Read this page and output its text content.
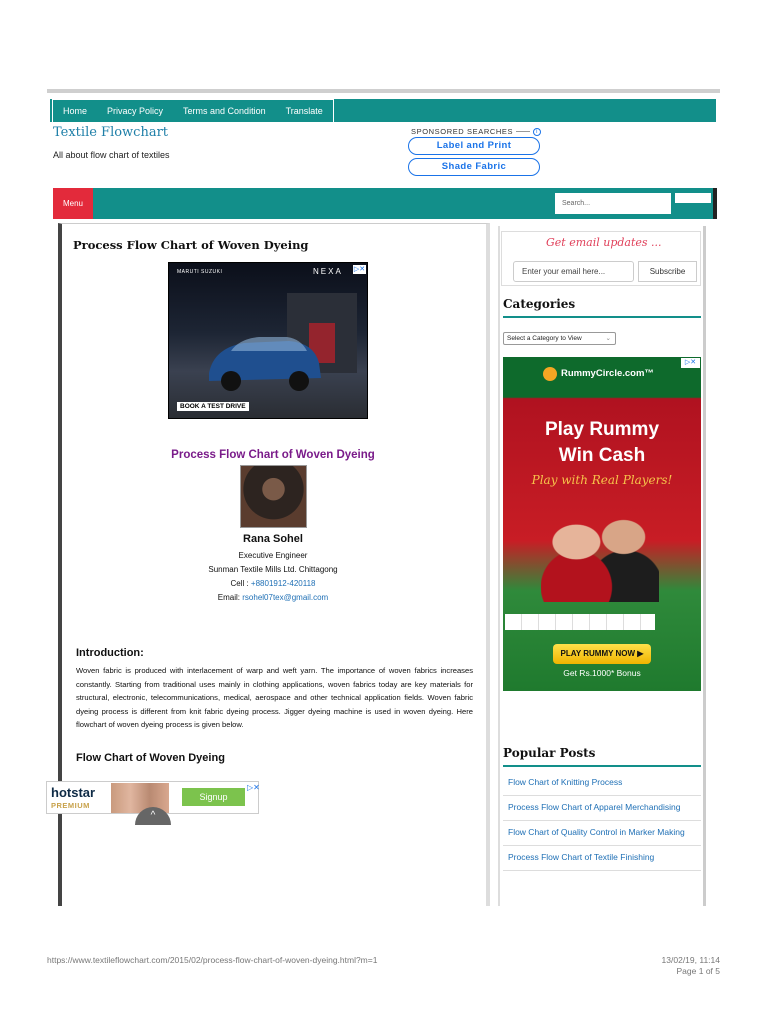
Home	Privacy Policy	Terms and Condition	Translate
Textile Flowchart
All about flow chart of textiles
SPONSORED SEARCHES	i
Label and Print
Shade Fabric
Menu	Search...
Process Flow Chart of Woven Dyeing
MARUTI SUZUKI	NEXA ▷✕
BOOK A TEST DRIVE
Process Flow Chart of Woven Dyeing
Rana Sohel
Executive Engineer
Sunman Textile Mills Ltd. Chittagong
Cell : +8801912-420118
Email: rsohel07tex@gmail.com
Introduction:
Woven fabric is produced with interlacement of warp and weft yarn. The importance of woven fabrics increases constantly. Starting from traditional uses mainly in clothing applications, woven fabrics today are key materials for structural, electronic, telecommunications, medical, aerospace and other technical application fields. Woven fabric dyeing process is different from knit fabric dyeing process. Jigger dyeing machine is used in woven dyeing. Here flowchart of woven dyeing process is given below.
Flow Chart of Woven Dyeing
hotstar
PREMIUM
Signup
▷✕
^
Get email updates ...
Enter your email here...	Subscribe
Categories
Select a Category to View	⌄
RummyCircle.com™
▷✕
Play Rummy
Win Cash
Play with Real Players!
PLAY RUMMY NOW ▶
Get Rs.1000* Bonus
Popular Posts
Flow Chart of Knitting Process
Process Flow Chart of Apparel Merchandising
Flow Chart of Quality Control in Marker Making
Process Flow Chart of Textile Finishing
https://www.textileflowchart.com/2015/02/process-flow-chart-of-woven-dyeing.html?m=1	13/02/19, 11:14
Page 1 of 5
